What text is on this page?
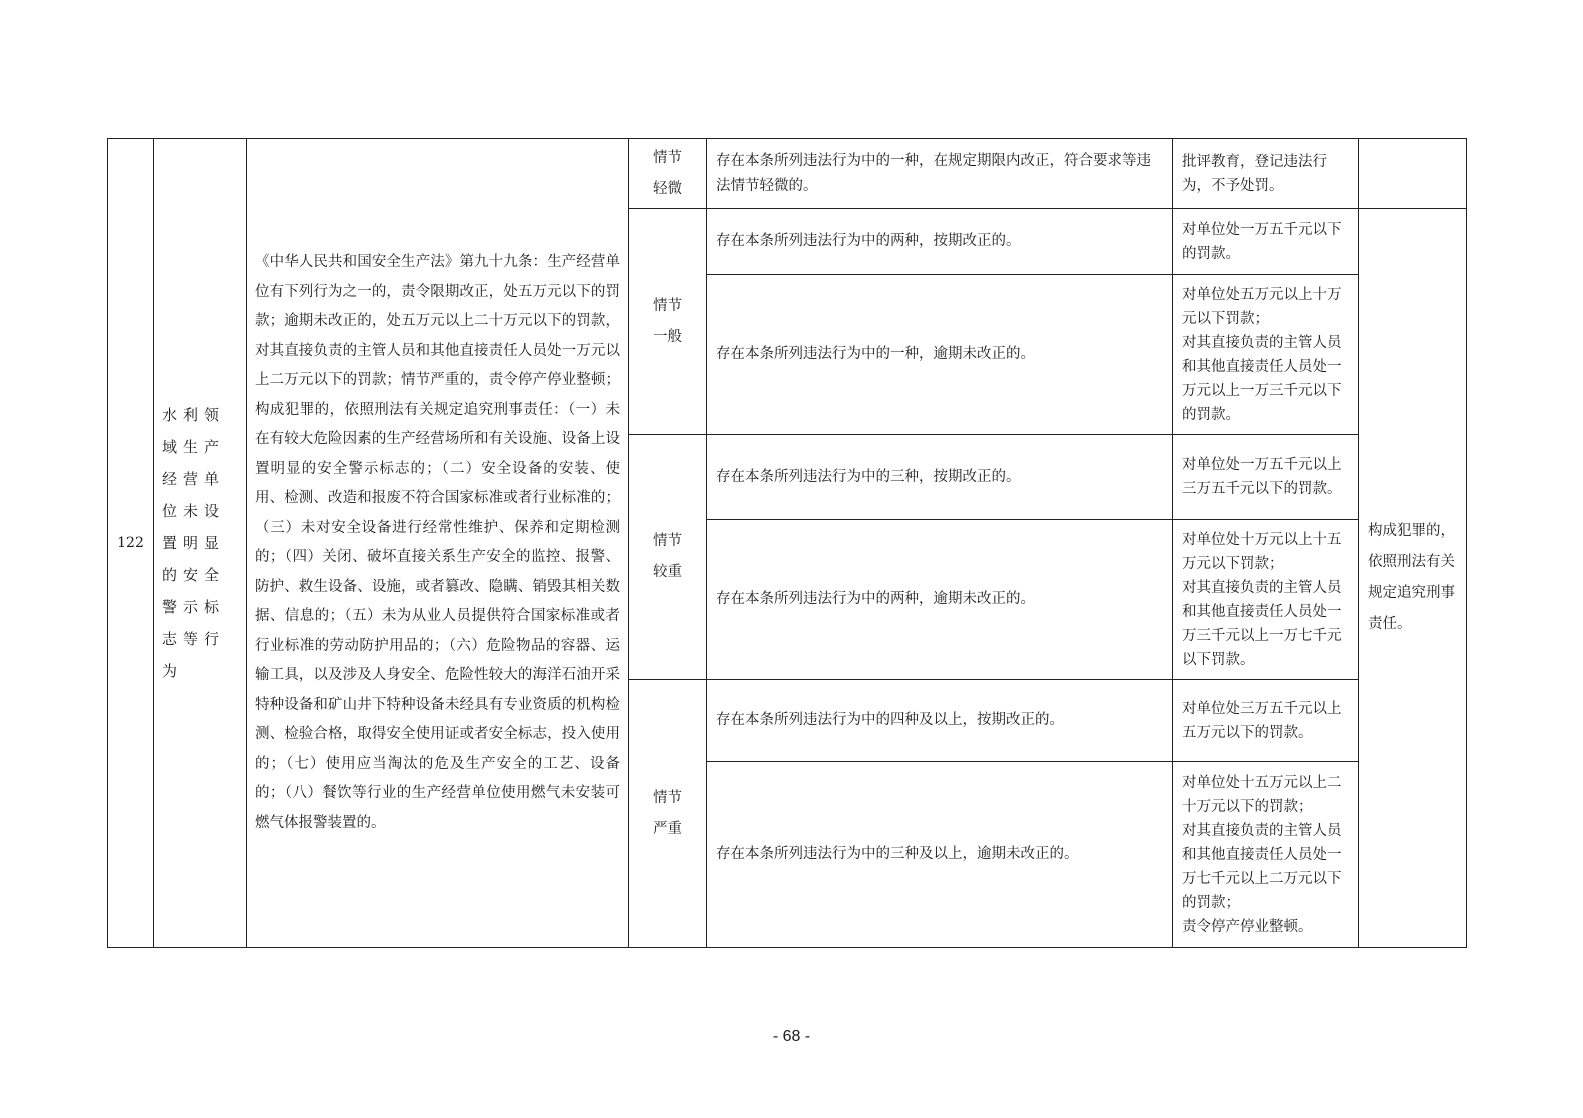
122	水利领域生产经营单位未设置明显的安全警示标志等行为	《中华人民共和国安全生产法》第九十九条：生产经营单位有下列行为之一的，责令限期改正，处五万元以下的罚款；逾期未改正的，处五万元以上二十万元以下的罚款，对其直接负责的主管人员和其他直接责任人员处一万元以上二万元以下的罚款；情节严重的，责令停产停业整顿；构成犯罪的，依照刑法有关规定追究刑事责任：（一）未在有较大危险因素的生产经营场所和有关设施、设备上设置明显的安全警示标志的；（二）安全设备的安装、使用、检测、改造和报废不符合国家标准或者行业标准的；（三）未对安全设备进行经常性维护、保养和定期检测的；（四）关闭、破坏直接关系生产安全的监控、报警、防护、救生设备、设施，或者篡改、隐瞒、销毁其相关数据、信息的；（五）未为从业人员提供符合国家标准或者行业标准的劳动防护用品的；（六）危险物品的容器、运输工具，以及涉及人身安全、危险性较大的海洋石油开采特种设备和矿山井下特种设备未经具有专业资质的机构检测、检验合格，取得安全使用证或者安全标志，投入使用的；（七）使用应当淘汰的危及生产安全的工艺、设备的；（八）餐饮等行业的生产经营单位使用燃气未安装可燃气体报警装置的。	情节
轻微	存在本条所列违法行为中的一种，在规定期限内改正，符合要求等违法情节轻微的。	批评教育，登记违法行为，不予处罚。	

			情节
一般	存在本条所列违法行为中的两种，按期改正的。	对单位处一万五千元以下的罚款。	构成犯罪的，依照刑法有关规定追究刑事责任。
				存在本条所列违法行为中的一种，逾期未改正的。	对单位处五万元以上十万元以下罚款；
对其直接负责的主管人员和其他直接责任人员处一万元以上一万三千元以下的罚款。	

			情节
较重	存在本条所列违法行为中的三种，按期改正的。	对单位处一万五千元以上三万五千元以下的罚款。	

				存在本条所列违法行为中的两种，逾期未改正的。	对单位处十万元以上十五万元以下罚款；
对其直接负责的主管人员和其他直接责任人员处一万三千元以上一万七千元以下罚款。	

			情节
严重	存在本条所列违法行为中的四种及以上，按期改正的。	对单位处三万五千元以上五万元以下的罚款。	

				存在本条所列违法行为中的三种及以上，逾期未改正的。	对单位处十五万元以上二十万元以下的罚款；
对其直接负责的主管人员和其他直接责任人员处一万七千元以上二万元以下的罚款；
责令停产停业整顿。	
- 68 -
